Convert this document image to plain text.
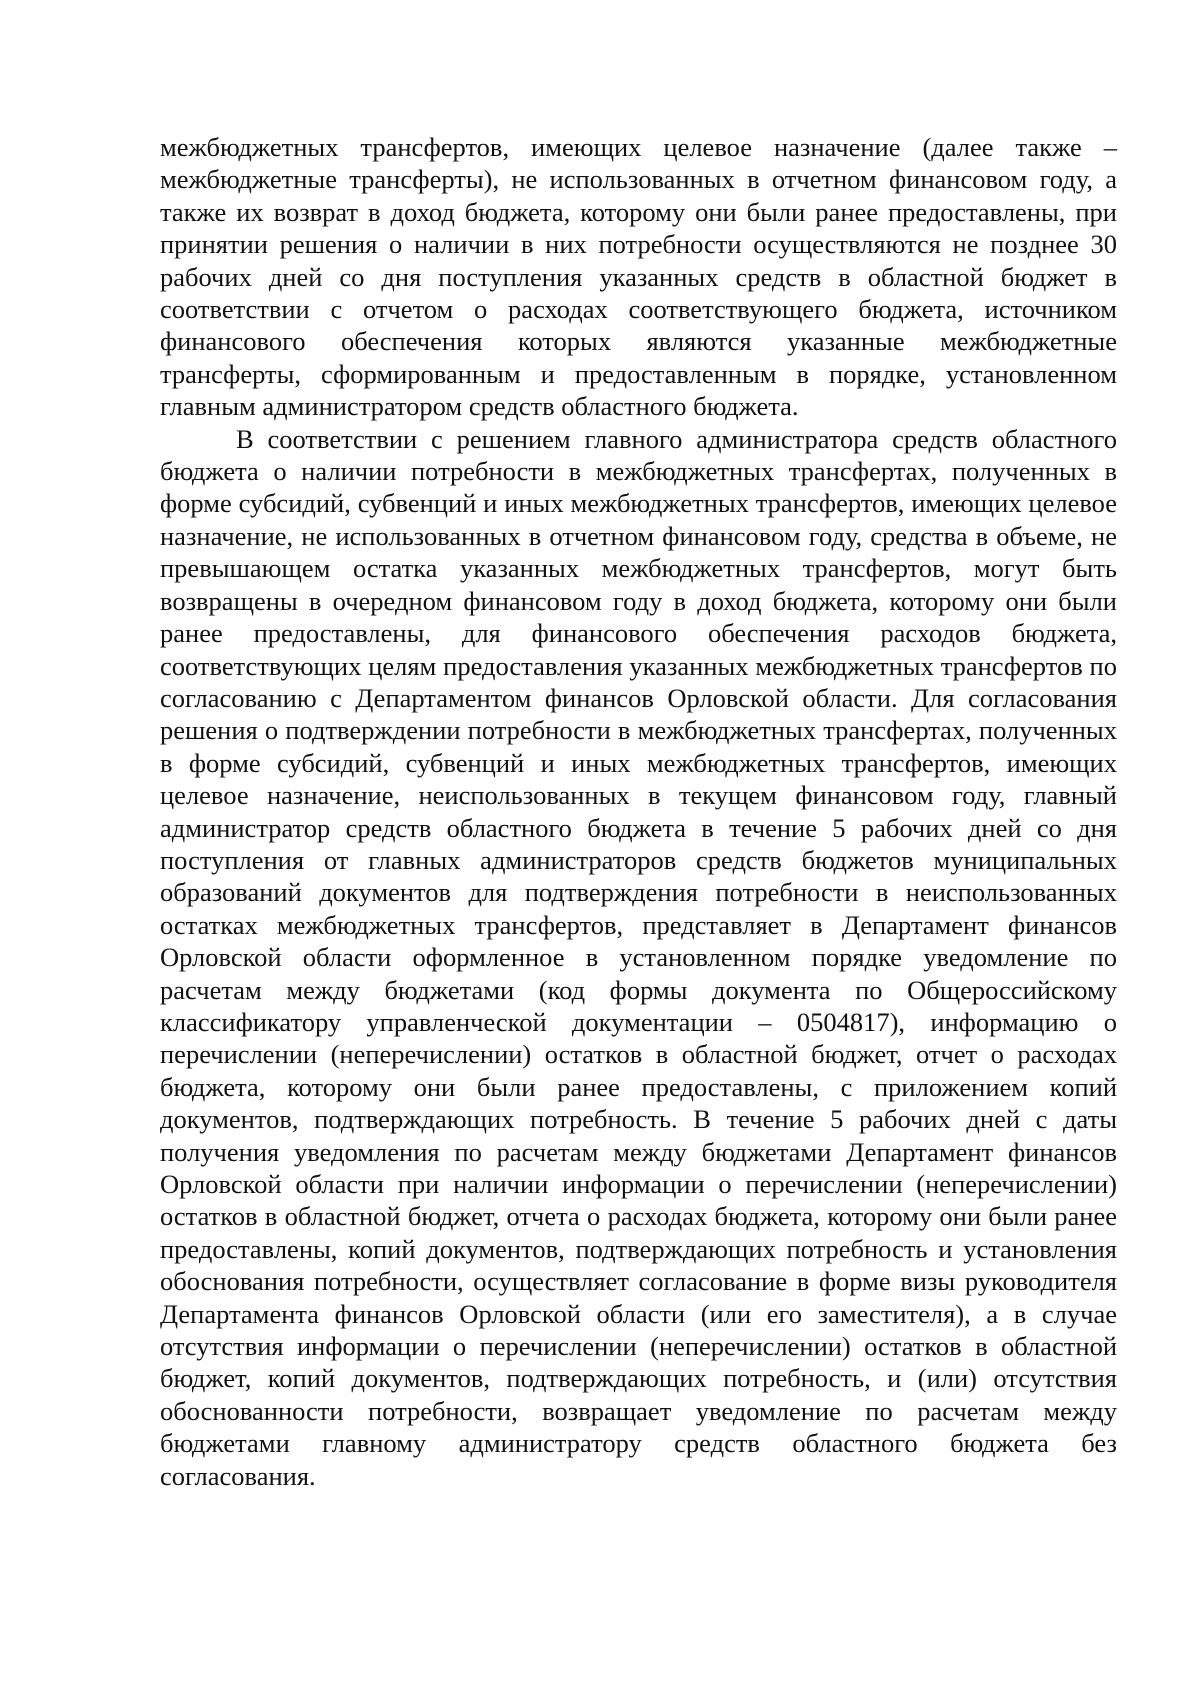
межбюджетных трансфертов, имеющих целевое назначение (далее также – межбюджетные трансферты), не использованных в отчетном финансовом году, а также их возврат в доход бюджета, которому они были ранее предоставлены, при принятии решения о наличии в них потребности осуществляются не позднее 30 рабочих дней со дня поступления указанных средств в областной бюджет в соответствии с отчетом о расходах соответствующего бюджета, источником финансового обеспечения которых являются указанные межбюджетные трансферты, сформированным и предоставленным в порядке, установленном главным администратором средств областного бюджета.

В соответствии с решением главного администратора средств областного бюджета о наличии потребности в межбюджетных трансфертах, полученных в форме субсидий, субвенций и иных межбюджетных трансфертов, имеющих целевое назначение, не использованных в отчетном финансовом году, средства в объеме, не превышающем остатка указанных межбюджетных трансфертов, могут быть возвращены в очередном финансовом году в доход бюджета, которому они были ранее предоставлены, для финансового обеспечения расходов бюджета, соответствующих целям предоставления указанных межбюджетных трансфертов по согласованию с Департаментом финансов Орловской области. Для согласования решения о подтверждении потребности в межбюджетных трансфертах, полученных в форме субсидий, субвенций и иных межбюджетных трансфертов, имеющих целевое назначение, неиспользованных в текущем финансовом году, главный администратор средств областного бюджета в течение 5 рабочих дней со дня поступления от главных администраторов средств бюджетов муниципальных образований документов для подтверждения потребности в неиспользованных остатках межбюджетных трансфертов, представляет в Департамент финансов Орловской области оформленное в установленном порядке уведомление по расчетам между бюджетами (код формы документа по Общероссийскому классификатору управленческой документации – 0504817), информацию о перечислении (неперечислении) остатков в областной бюджет, отчет о расходах бюджета, которому они были ранее предоставлены, с приложением копий документов, подтверждающих потребность. В течение 5 рабочих дней с даты получения уведомления по расчетам между бюджетами Департамент финансов Орловской области при наличии информации о перечислении (неперечислении) остатков в областной бюджет, отчета о расходах бюджета, которому они были ранее предоставлены, копий документов, подтверждающих потребность и установления обоснования потребности, осуществляет согласование в форме визы руководителя Департамента финансов Орловской области (или его заместителя), а в случае отсутствия информации о перечислении (неперечислении) остатков в областной бюджет, копий документов, подтверждающих потребность, и (или) отсутствия обоснованности потребности, возвращает уведомление по расчетам между бюджетами главному администратору средств областного бюджета без согласования.
